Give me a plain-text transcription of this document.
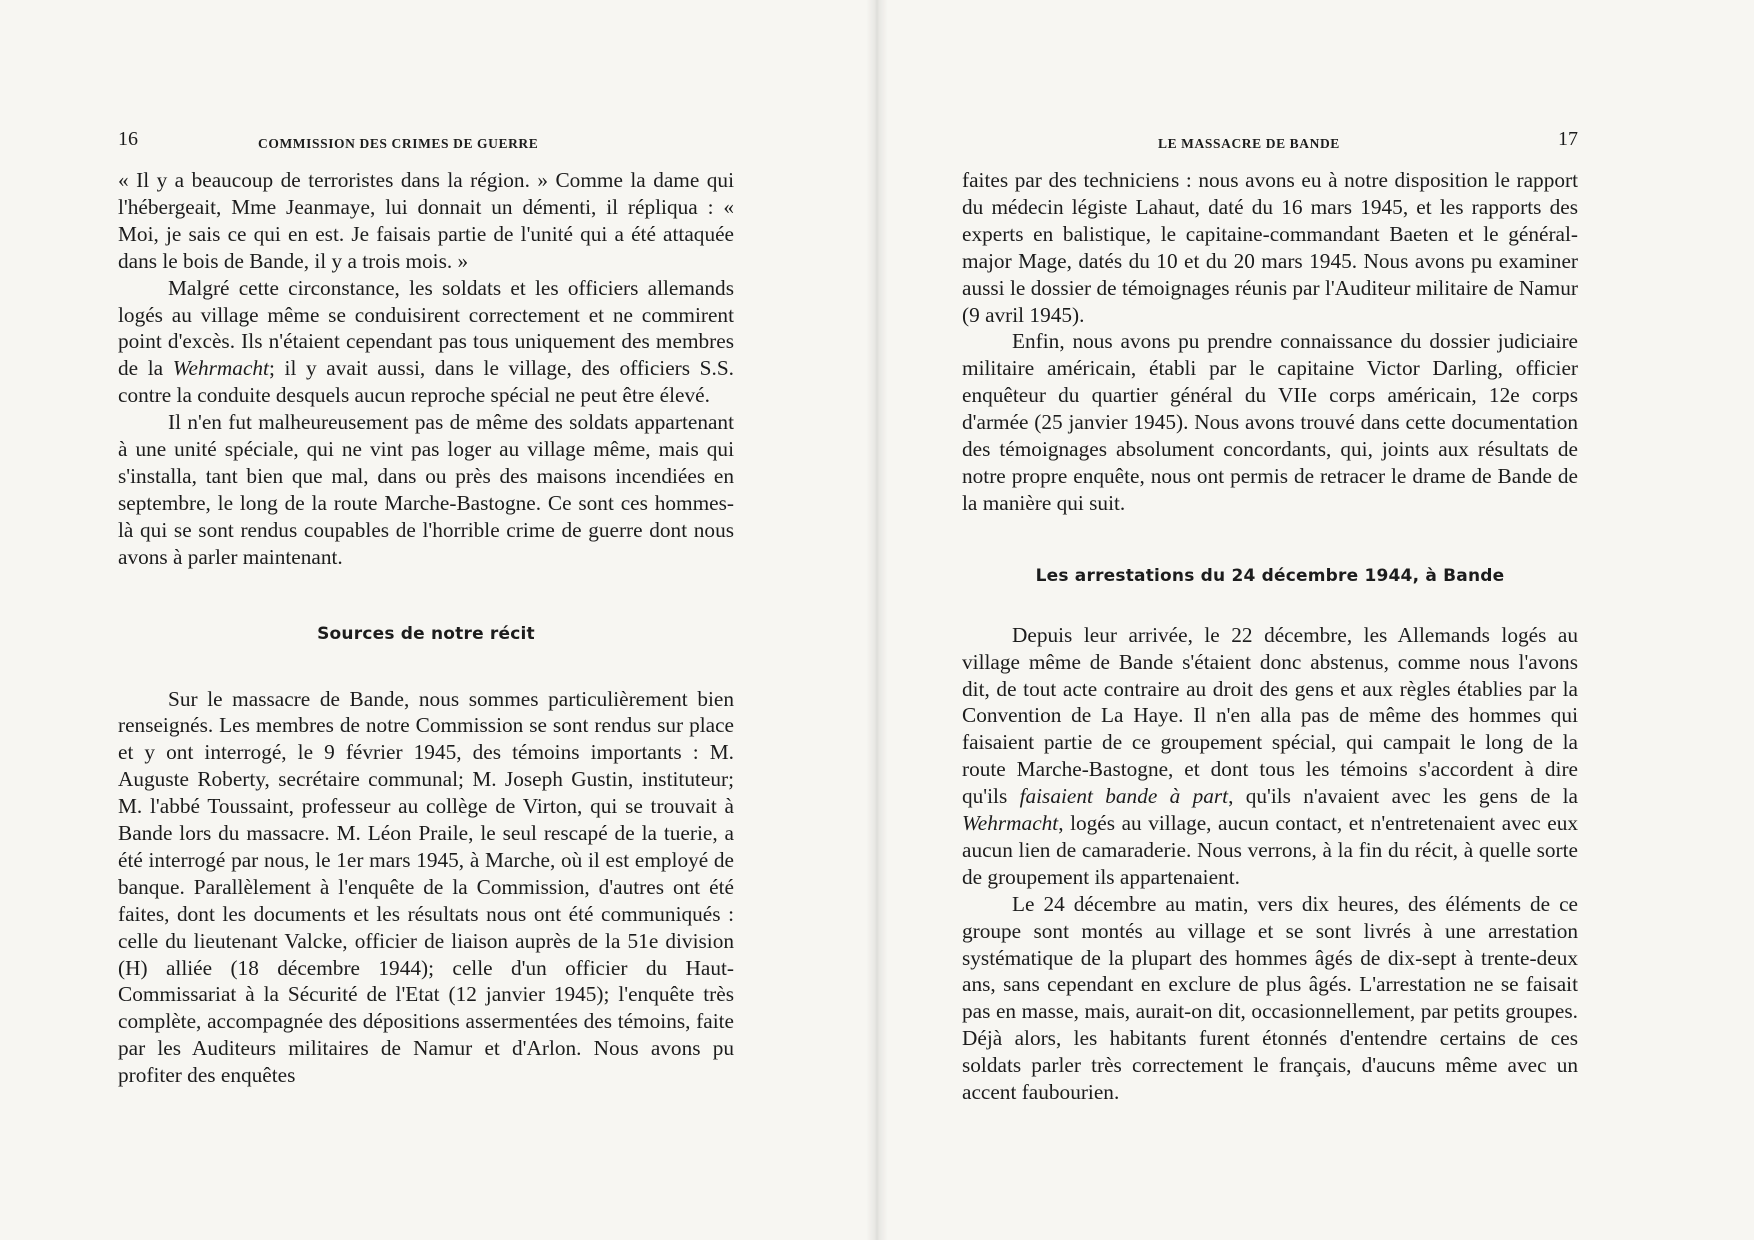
16	COMMISSION DES CRIMES DE GUERRE

« Il y a beaucoup de terroristes dans la région. » Comme la dame qui l'hébergeait, Mme Jeanmaye, lui donnait un démenti, il répliqua : « Moi, je sais ce qui en est. Je faisais partie de l'unité qui a été attaquée dans le bois de Bande, il y a trois mois. »

Malgré cette circonstance, les soldats et les officiers allemands logés au village même se conduisirent correctement et ne commirent point d'excès. Ils n'étaient cependant pas tous uniquement des membres de la Wehrmacht; il y avait aussi, dans le village, des officiers S.S. contre la conduite desquels aucun reproche spécial ne peut être élevé.

Il n'en fut malheureusement pas de même des soldats appartenant à une unité spéciale, qui ne vint pas loger au village même, mais qui s'installa, tant bien que mal, dans ou près des maisons incendiées en septembre, le long de la route Marche-Bastogne. Ce sont ces hommes-là qui se sont rendus coupables de l'horrible crime de guerre dont nous avons à parler maintenant.

Sources de notre récit

Sur le massacre de Bande, nous sommes particulièrement bien renseignés. Les membres de notre Commission se sont rendus sur place et y ont interrogé, le 9 février 1945, des témoins importants : M. Auguste Roberty, secrétaire communal; M. Joseph Gustin, instituteur; M. l'abbé Toussaint, professeur au collège de Virton, qui se trouvait à Bande lors du massacre. M. Léon Praile, le seul rescapé de la tuerie, a été interrogé par nous, le 1er mars 1945, à Marche, où il est employé de banque. Parallèlement à l'enquête de la Commission, d'autres ont été faites, dont les documents et les résultats nous ont été communiqués : celle du lieutenant Valcke, officier de liaison auprès de la 51e division (H) alliée (18 décembre 1944); celle d'un officier du Haut-Commissariat à la Sécurité de l'Etat (12 janvier 1945); l'enquête très complète, accompagnée des dépositions assermentées des témoins, faite par les Auditeurs militaires de Namur et d'Arlon. Nous avons pu profiter des enquêtes

LE MASSACRE DE BANDE	17

faites par des techniciens : nous avons eu à notre disposition le rapport du médecin légiste Lahaut, daté du 16 mars 1945, et les rapports des experts en balistique, le capitaine-commandant Baeten et le général-major Mage, datés du 10 et du 20 mars 1945. Nous avons pu examiner aussi le dossier de témoignages réunis par l'Auditeur militaire de Namur (9 avril 1945).

Enfin, nous avons pu prendre connaissance du dossier judiciaire militaire américain, établi par le capitaine Victor Darling, officier enquêteur du quartier général du VIIe corps américain, 12e corps d'armée (25 janvier 1945). Nous avons trouvé dans cette documentation des témoignages absolument concordants, qui, joints aux résultats de notre propre enquête, nous ont permis de retracer le drame de Bande de la manière qui suit.

Les arrestations du 24 décembre 1944, à Bande

Depuis leur arrivée, le 22 décembre, les Allemands logés au village même de Bande s'étaient donc abstenus, comme nous l'avons dit, de tout acte contraire au droit des gens et aux règles établies par la Convention de La Haye. Il n'en alla pas de même des hommes qui faisaient partie de ce groupement spécial, qui campait le long de la route Marche-Bastogne, et dont tous les témoins s'accordent à dire qu'ils faisaient bande à part, qu'ils n'avaient avec les gens de la Wehrmacht, logés au village, aucun contact, et n'entretenaient avec eux aucun lien de camaraderie. Nous verrons, à la fin du récit, à quelle sorte de groupement ils appartenaient.

Le 24 décembre au matin, vers dix heures, des éléments de ce groupe sont montés au village et se sont livrés à une arrestation systématique de la plupart des hommes âgés de dix-sept à trente-deux ans, sans cependant en exclure de plus âgés. L'arrestation ne se faisait pas en masse, mais, aurait-on dit, occasionnellement, par petits groupes. Déjà alors, les habitants furent étonnés d'entendre certains de ces soldats parler très correctement le français, d'aucuns même avec un accent faubourien.
